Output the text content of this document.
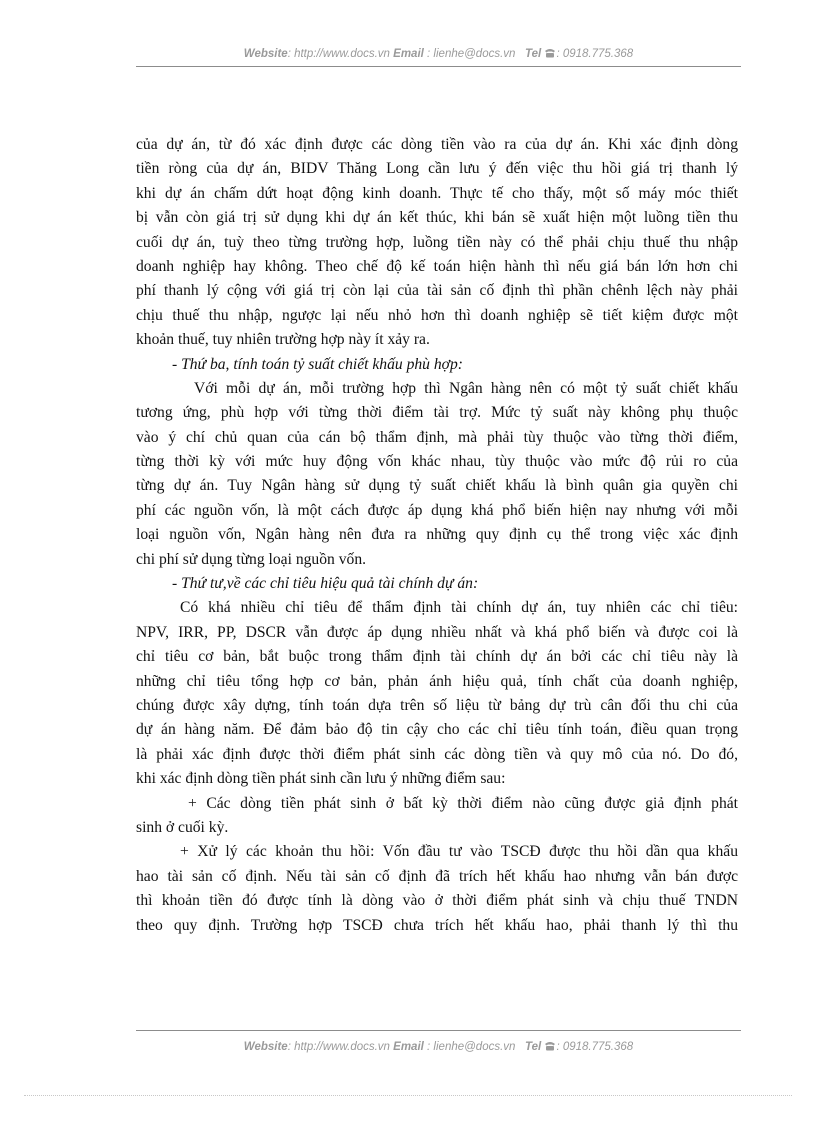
Website: http://www.docs.vn Email : lienhe@docs.vn Tel : 0918.775.368
của dự án, từ đó xác định được các dòng tiền vào ra của dự án. Khi xác định dòng
tiền ròng của dự án, BIDV Thăng Long cần lưu ý đến việc thu hồi giá trị thanh lý
khi dự án chấm dứt hoạt động kinh doanh. Thực tế cho thấy, một số máy móc thiết
bị vẫn còn giá trị sử dụng khi dự án kết thúc, khi bán sẽ xuất hiện một luồng tiền thu
cuối dự án, tuỳ theo từng trường hợp, luồng tiền này có thể phải chịu thuế thu nhập
doanh nghiệp hay không. Theo chế độ kế toán hiện hành thì nếu giá bán lớn hơn chi
phí thanh lý cộng với giá trị còn lại của tài sản cố định thì phần chênh lệch này phải
chịu thuế thu nhập, ngược lại nếu nhỏ hơn thì doanh nghiệp sẽ tiết kiệm được một
khoản thuế, tuy nhiên trường hợp này ít xảy ra.
- Thứ ba, tính toán tỷ suất chiết khấu phù hợp:
Với mỗi dự án, mỗi trường hợp thì Ngân hàng nên có một tỷ suất chiết khấu
tương ứng, phù hợp với từng thời điểm tài trợ. Mức tỷ suất này không phụ thuộc
vào ý chí chủ quan của cán bộ thẩm định, mà phải tùy thuộc vào từng thời điểm,
từng thời kỳ với mức huy động vốn khác nhau, tùy thuộc vào mức độ rủi ro của
từng dự án. Tuy Ngân hàng sử dụng tỷ suất chiết khấu là bình quân gia quyền chi
phí các nguồn vốn, là một cách được áp dụng khá phổ biến hiện nay nhưng với mỗi
loại nguồn vốn, Ngân hàng nên đưa ra những quy định cụ thể trong việc xác định
chi phí sử dụng từng loại nguồn vốn.
- Thứ tư,về các chỉ tiêu hiệu quả tài chính dự án:
Có khá nhiều chỉ tiêu để thẩm định tài chính dự án, tuy nhiên các chỉ tiêu:
NPV, IRR, PP, DSCR vẫn được áp dụng nhiều nhất và khá phổ biến và được coi là
chỉ tiêu cơ bản, bắt buộc trong thẩm định tài chính dự án bởi các chỉ tiêu này là
những chỉ tiêu tổng hợp cơ bản, phản ánh hiệu quả, tính chất của doanh nghiệp,
chúng được xây dựng, tính toán dựa trên số liệu từ bảng dự trù cân đối thu chi của
dự án hàng năm. Để đảm bảo độ tin cậy cho các chỉ tiêu tính toán, điều quan trọng
là phải xác định được thời điểm phát sinh các dòng tiền và quy mô của nó. Do đó,
khi xác định dòng tiền phát sinh cần lưu ý những điểm sau:
+ Các dòng tiền phát sinh ở bất kỳ thời điểm nào cũng được giả định phát
sinh ở cuối kỳ.
+ Xử lý các khoản thu hồi: Vốn đầu tư vào TSCĐ được thu hồi dần qua khấu
hao tài sản cố định. Nếu tài sản cố định đã trích hết khấu hao nhưng vẫn bán được
thì khoản tiền đó được tính là dòng vào ở thời điểm phát sinh và chịu thuế TNDN
theo quy định. Trường hợp TSCĐ chưa trích hết khấu hao, phải thanh lý thì thu
Website: http://www.docs.vn Email : lienhe@docs.vn Tel : 0918.775.368
